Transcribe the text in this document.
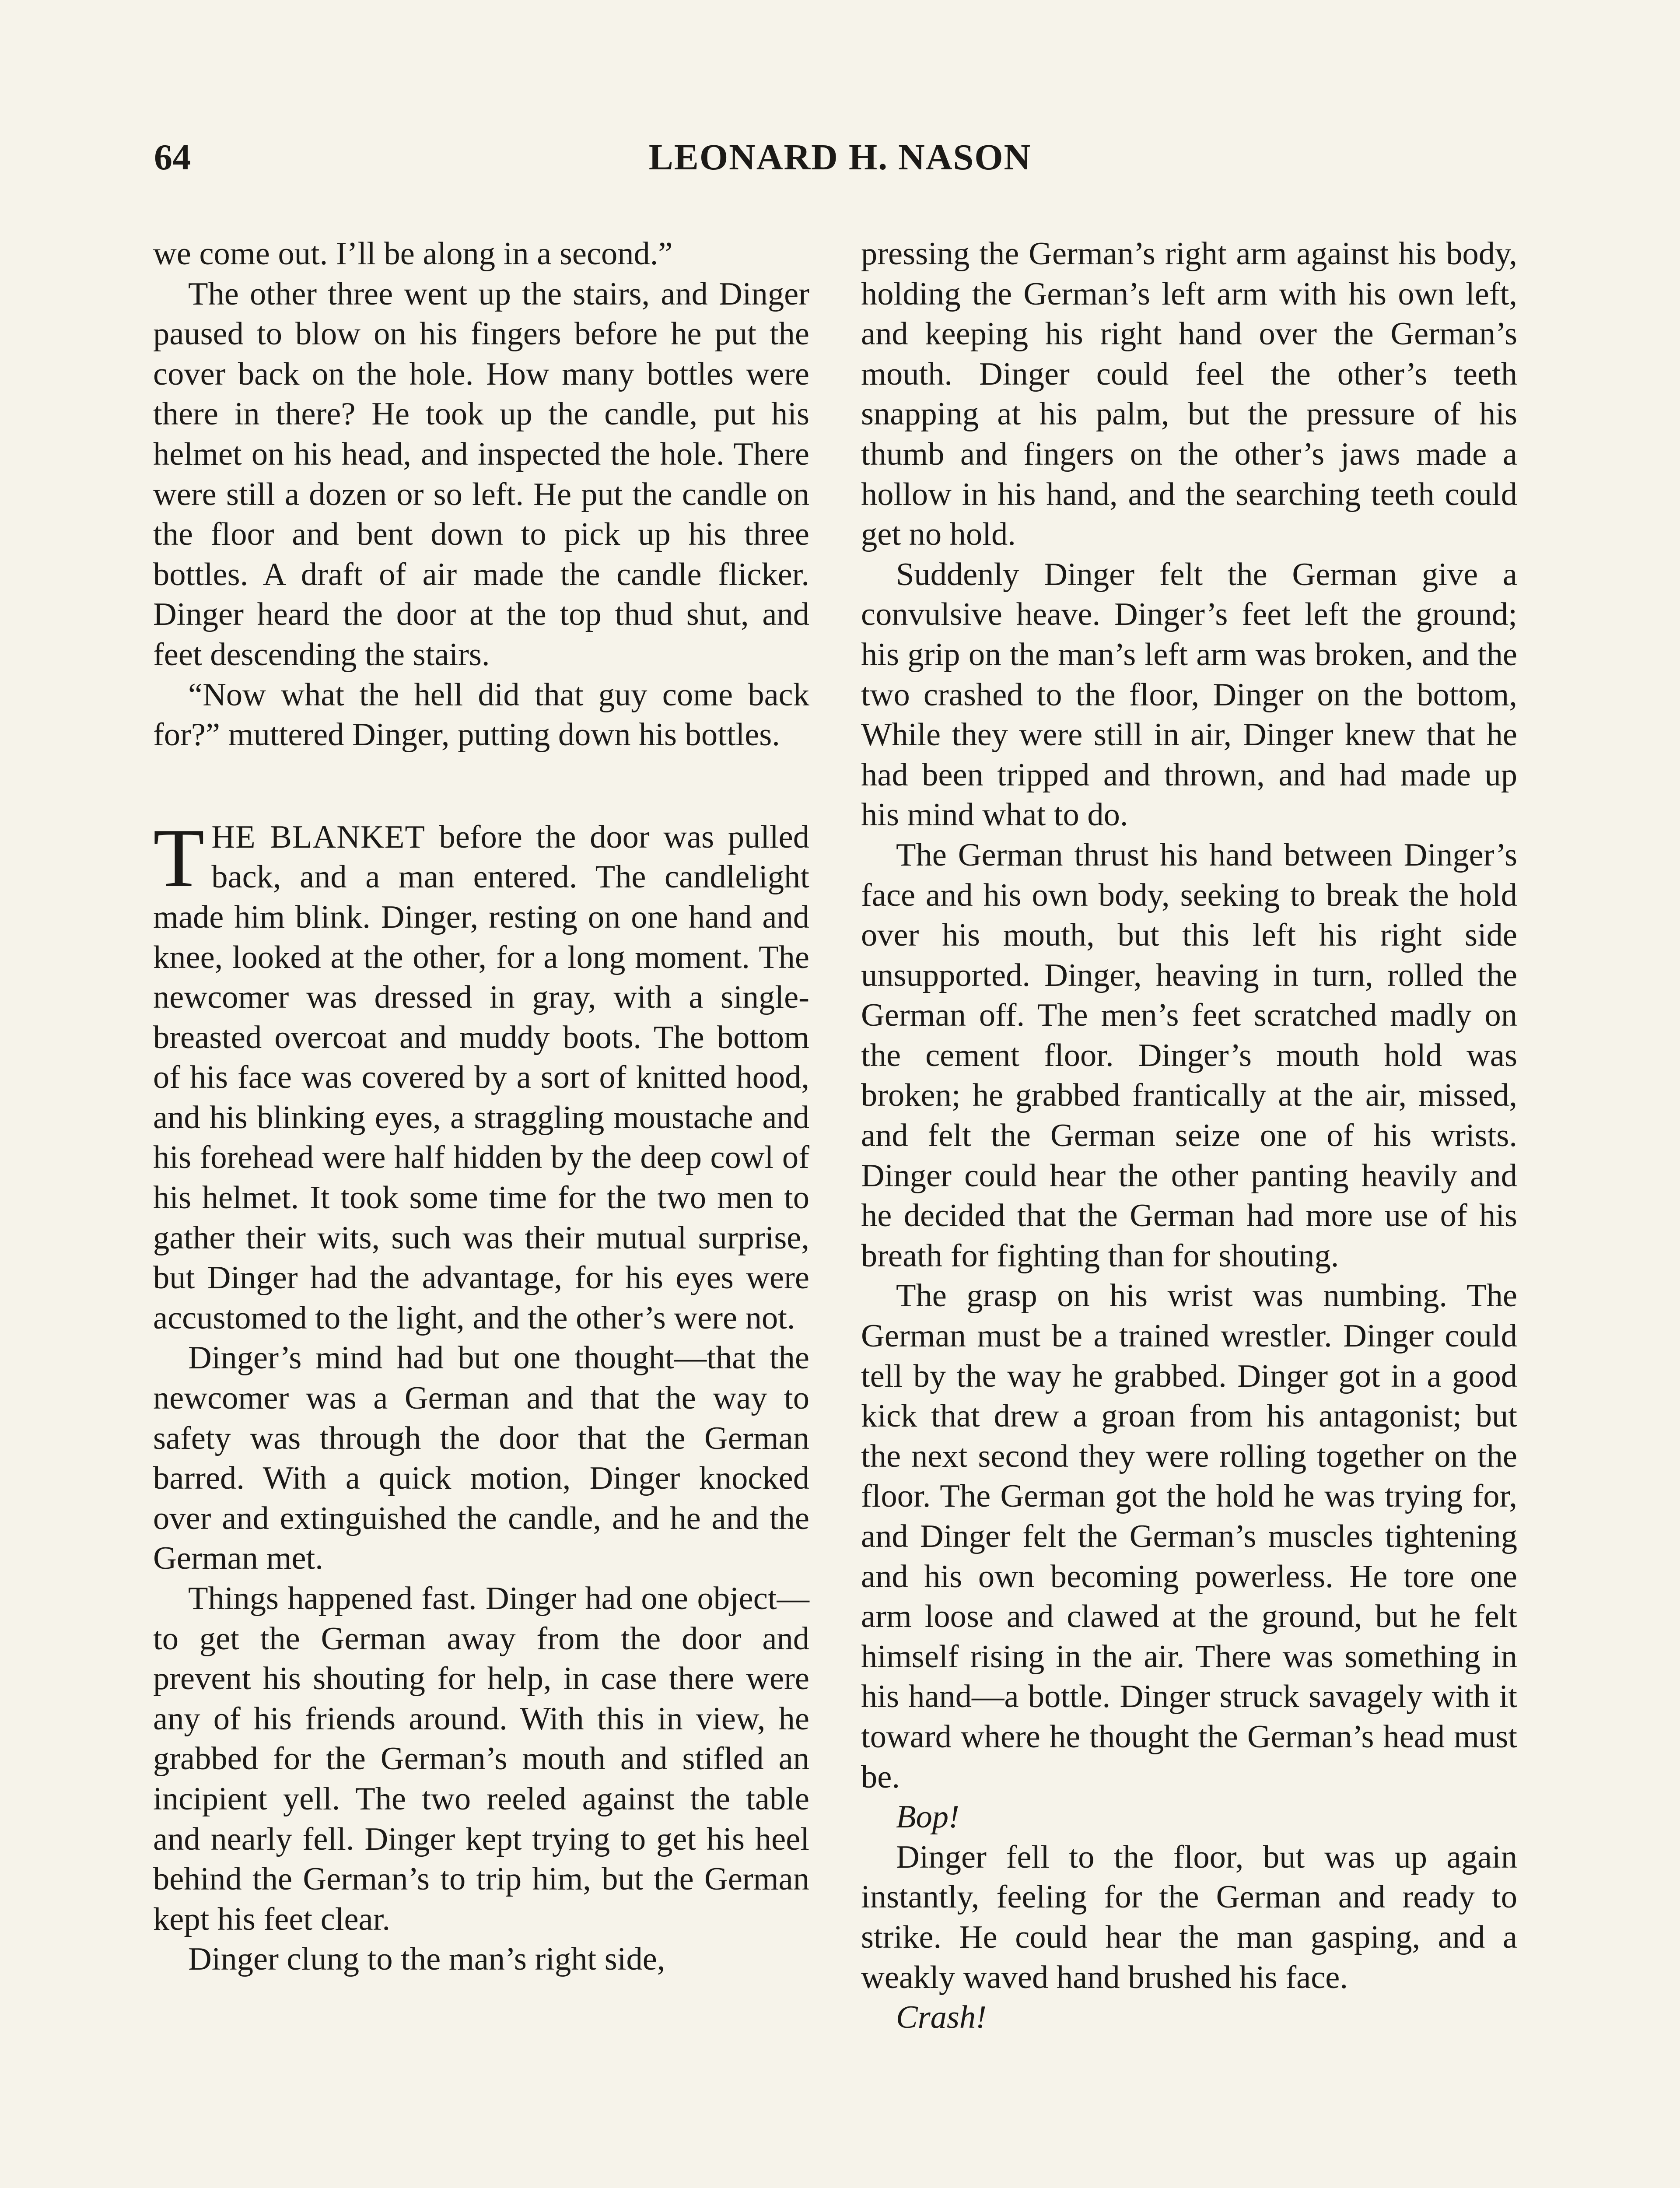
64	LEONARD H. NASON

we come out. I’ll be along in a second.”

The other three went up the stairs, and Dinger paused to blow on his fingers before he put the cover back on the hole. How many bottles were there in there? He took up the candle, put his helmet on his head, and inspected the hole. There were still a dozen or so left. He put the candle on the floor and bent down to pick up his three bottles. A draft of air made the candle flicker. Dinger heard the door at the top thud shut, and feet descending the stairs.

“Now what the hell did that guy come back for?” muttered Dinger, putting down his bottles.

THE BLANKET before the door was pulled back, and a man entered. The candlelight made him blink. Dinger, resting on one hand and knee, looked at the other, for a long moment. The newcomer was dressed in gray, with a single-breasted overcoat and muddy boots. The bottom of his face was covered by a sort of knitted hood, and his blinking eyes, a straggling moustache and his forehead were half hidden by the deep cowl of his helmet. It took some time for the two men to gather their wits, such was their mutual surprise, but Dinger had the advantage, for his eyes were accustomed to the light, and the other’s were not.

Dinger’s mind had but one thought—that the newcomer was a German and that the way to safety was through the door that the German barred. With a quick motion, Dinger knocked over and extinguished the candle, and he and the German met.

Things happened fast. Dinger had one object—to get the German away from the door and prevent his shouting for help, in case there were any of his friends around. With this in view, he grabbed for the German’s mouth and stifled an incipient yell. The two reeled against the table and nearly fell. Dinger kept trying to get his heel behind the German’s to trip him, but the German kept his feet clear.

Dinger clung to the man’s right side,

pressing the German’s right arm against his body, holding the German’s left arm with his own left, and keeping his right hand over the German’s mouth. Dinger could feel the other’s teeth snapping at his palm, but the pressure of his thumb and fingers on the other’s jaws made a hollow in his hand, and the searching teeth could get no hold.

Suddenly Dinger felt the German give a convulsive heave. Dinger’s feet left the ground; his grip on the man’s left arm was broken, and the two crashed to the floor, Dinger on the bottom, While they were still in air, Dinger knew that he had been tripped and thrown, and had made up his mind what to do.

The German thrust his hand between Dinger’s face and his own body, seeking to break the hold over his mouth, but this left his right side unsupported. Dinger, heaving in turn, rolled the German off. The men’s feet scratched madly on the cement floor. Dinger’s mouth hold was broken; he grabbed frantically at the air, missed, and felt the German seize one of his wrists. Dinger could hear the other panting heavily and he decided that the German had more use of his breath for fighting than for shouting.

The grasp on his wrist was numbing. The German must be a trained wrestler. Dinger could tell by the way he grabbed. Dinger got in a good kick that drew a groan from his antagonist; but the next second they were rolling together on the floor. The German got the hold he was trying for, and Dinger felt the German’s muscles tightening and his own becoming powerless. He tore one arm loose and clawed at the ground, but he felt himself rising in the air. There was something in his hand—a bottle. Dinger struck savagely with it toward where he thought the German’s head must be.

Bop!

Dinger fell to the floor, but was up again instantly, feeling for the German and ready to strike. He could hear the man gasping, and a weakly waved hand brushed his face.

Crash!
